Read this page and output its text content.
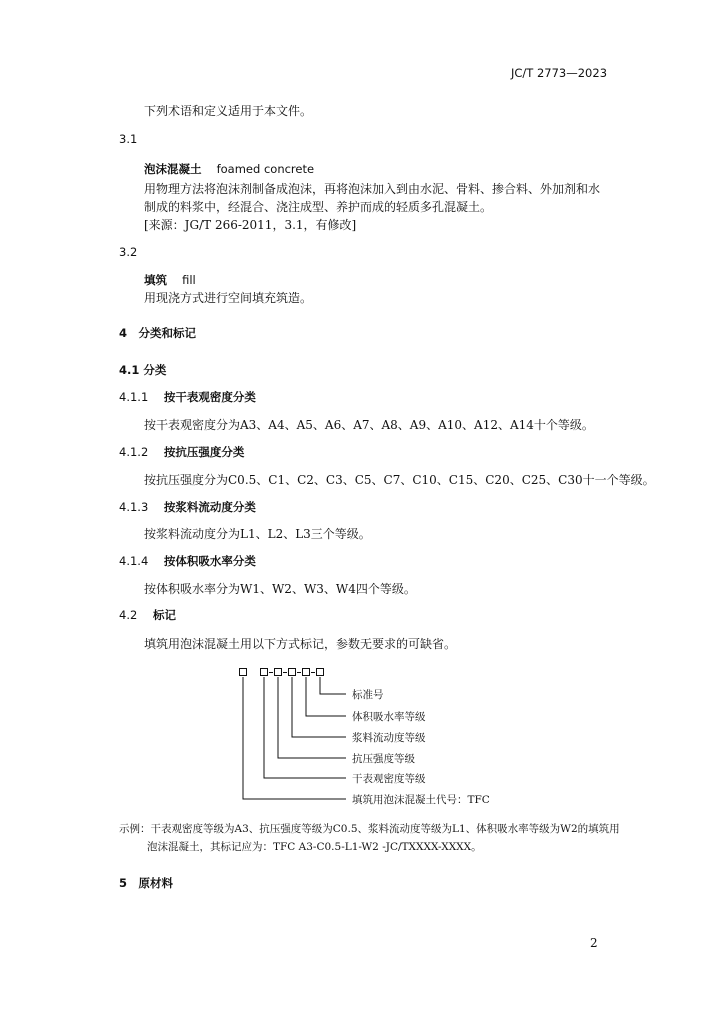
JC/T 2773—2023
下列术语和定义适用于本文件。
3.1
泡沫混凝土 foamed concrete
用物理方法将泡沫剂制备成泡沫，再将泡沫加入到由水泥、骨料、掺合料、外加剂和水
制成的料浆中，经混合、浇注成型、养护而成的轻质多孔混凝土。
[来源：JG/T 266-2011，3.1，有修改]
3.2
填筑 fill
用现浇方式进行空间填充筑造。
4　分类和标记
4.1 分类
4.1.1 按干表观密度分类
按干表观密度分为A3、A4、A5、A6、A7、A8、A9、A10、A12、A14十个等级。
4.1.2 按抗压强度分类
按抗压强度分为C0.5、C1、C2、C3、C5、C7、C10、C15、C20、C25、C30十一个等级。
4.1.3 按浆料流动度分类
按浆料流动度分为L1、L2、L3三个等级。
4.1.4 按体积吸水率分类
按体积吸水率分为W1、W2、W3、W4四个等级。
4.2 标记
填筑用泡沫混凝土用以下方式标记，参数无要求的可缺省。
标准号
体积吸水率等级
浆料流动度等级
抗压强度等级
干表观密度等级
填筑用泡沫混凝土代号：TFC
示例：干表观密度等级为A3、抗压强度等级为C0.5、浆料流动度等级为L1、体积吸水率等级为W2的填筑用
泡沫混凝土，其标记应为：TFC A3-C0.5-L1-W2 -JC/TXXXX-XXXX。
5　原材料
2
